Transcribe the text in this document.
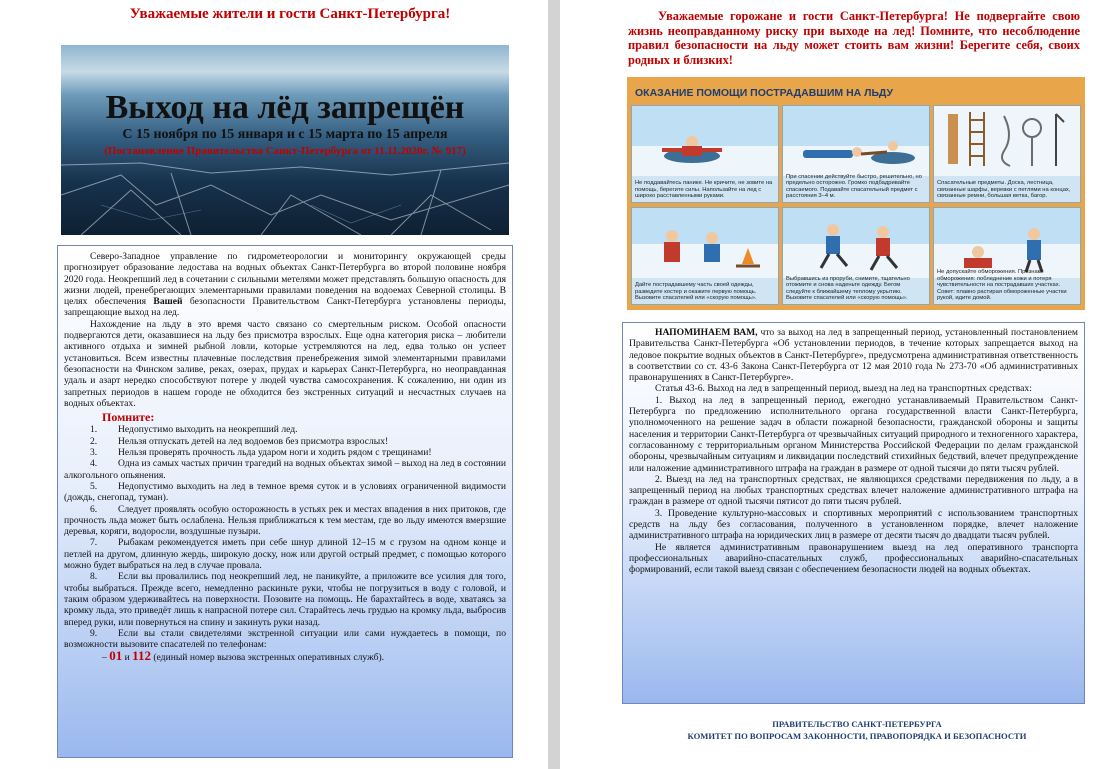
Уважаемые жители и гости Санкт-Петербурга!
Выход на лёд запрещён
С 15 ноября по 15 января и с 15 марта по 15 апреля
(Постановление Правительства Санкт-Петербурга от 11.11.2020г. № 917)

Северо-Западное управление по гидрометеорологии и мониторингу окружающей среды прогнозирует образование ледостава на водных объектах Санкт-Петербурга во второй половине ноября 2020 года. Неокрепший лед в сочетании с сильными метелями может представлять большую опасность для жизни людей, пренебрегающих элементарными правилами поведения на водоемах Северной столицы. В целях обеспечения Вашей безопасности Правительством Санкт-Петербурга установлены периоды, запрещающие выход на лед.

Нахождение на льду в это время часто связано со смертельным риском. Особой опасности подвергаются дети, оказавшиеся на льду без присмотра взрослых. Еще одна категория риска – любители активного отдыха и зимней рыбной ловли, которые устремляются на лед, едва только он успеет установиться. Всем известны плачевные последствия пренебрежения зимой элементарными правилами безопасности на Финском заливе, реках, озерах, прудах и карьерах Санкт-Петербурга, но неоправданная удаль и азарт нередко способствуют потере у людей чувства самосохранения. К сожалению, ни один из запретных периодов в нашем городе не обходится без экстренных ситуаций и несчастных случаев на водных объектах.

Помните:
1. Недопустимо выходить на неокрепший лед.
2. Нельзя отпускать детей на лед водоемов без присмотра взрослых!
3. Нельзя проверять прочность льда ударом ноги и ходить рядом с трещинами!
4. Одна из самых частых причин трагедий на водных объектах зимой – выход на лед в состоянии алкогольного опьянения.
5. Недопустимо выходить на лед в темное время суток и в условиях ограниченной видимости (дождь, снегопад, туман).
6. Следует проявлять особую осторожность в устьях рек и местах впадения в них притоков, где прочность льда может быть ослаблена. Нельзя приближаться к тем местам, где во льду имеются вмерзшие деревья, коряги, водоросли, воздушные пузыри.
7. Рыбакам рекомендуется иметь при себе шнур длиной 12–15 м с грузом на одном конце и петлей на другом, длинную жердь, широкую доску, нож или другой острый предмет, с помощью которого можно будет выбраться на лед в случае провала.
8. Если вы провалились под неокрепший лед, не паникуйте, а приложите все усилия для того, чтобы выбраться. Прежде всего, немедленно раскиньте руки, чтобы не погрузиться в воду с головой, и таким образом удерживайтесь на поверхности. Позовите на помощь. Не барахтайтесь в воде, хватаясь за кромку льда, это приведёт лишь к напрасной потере сил. Старайтесь лечь грудью на кромку льда, выбросив вперед руки, или повернуться на спину и закинуть руки назад.
9. Если вы стали свидетелями экстренной ситуации или сами нуждаетесь в помощи, по возможности вызовите спасателей по телефонам:
– 01 и 112 (единый номер вызова экстренных оперативных служб).
Уважаемые горожане и гости Санкт-Петербурга! Не подвергайте свою жизнь неоправданному риску при выходе на лед! Помните, что несоблюдение правил безопасности на льду может стоить вам жизни! Берегите себя, своих родных и близких!
ОКАЗАНИЕ ПОМОЩИ ПОСТРАДАВШИМ НА ЛЬДУ
Не поддавайтесь панике. Не кричите, не зовите на помощь, берегите силы. Напользайте на лед с широко расставленными руками.
При спасении действуйте быстро, решительно, но предельно осторожно. Громко подбадривайте спасаемого. Подавайте спасательный предмет с расстояния 3–4 м.
Спасательные предметы. Доска, лестница, связанные шарфы, веревки с петлями на концах, связанные ремни, большая ветка, багор.
Дайте пострадавшему часть своей одежды, разведите костер и окажите первую помощь. Вызовите спасателей или «скорую помощь».
Выбравшись из проруби, снимите, тщательно отожмите и снова наденьте одежду. Бегом следуйте к ближайшему теплому укрытию. Вызовите спасателей или «скорую помощь».
Не допускайте обморожения. Признаки обморожения: побледнение кожи и потеря чувствительности на пострадавших участках. Совет: плавно растирая обмороженные участки рукой, идите домой.

НАПОМИНАЕМ ВАМ, что за выход на лед в запрещенный период, установленный постановлением Правительства Санкт-Петербурга «Об установлении периодов, в течение которых запрещается выход на ледовое покрытие водных объектов в Санкт-Петербурге», предусмотрена административная ответственность в соответствии со ст. 43-6 Закона Санкт-Петербурга от 12 мая 2010 года № 273-70 «Об административных правонарушениях в Санкт-Петербурге».

Статья 43-6. Выход на лед в запрещенный период, выезд на лед на транспортных средствах:

1. Выход на лед в запрещенный период, ежегодно устанавливаемый Правительством Санкт-Петербурга по предложению исполнительного органа государственной власти Санкт-Петербурга, уполномоченного на решение задач в области пожарной безопасности, гражданской обороны и защиты населения и территории Санкт-Петербурга от чрезвычайных ситуаций природного и техногенного характера, согласованному с территориальным органом Министерства Российской Федерации по делам гражданской обороны, чрезвычайным ситуациям и ликвидации последствий стихийных бедствий, влечет предупреждение или наложение административного штрафа на граждан в размере от одной тысячи до пяти тысяч рублей.

2. Выезд на лед на транспортных средствах, не являющихся средствами передвижения по льду, а в запрещенный период на любых транспортных средствах влечет наложение административного штрафа на граждан в размере от одной тысячи пятисот до пяти тысяч рублей.

3. Проведение культурно-массовых и спортивных мероприятий с использованием транспортных средств на льду без согласования, полученного в установленном порядке, влечет наложение административного штрафа на юридических лиц в размере от десяти тысяч до двадцати тысяч рублей.

Не является административным правонарушением выезд на лед оперативного транспорта профессиональных аварийно-спасательных служб, профессиональных аварийно-спасательных формирований, если такой выезд связан с обеспечением безопасности людей на водных объектах.

ПРАВИТЕЛЬСТВО САНКТ-ПЕТЕРБУРГА
КОМИТЕТ ПО ВОПРОСАМ ЗАКОННОСТИ, ПРАВОПОРЯДКА И БЕЗОПАСНОСТИ
